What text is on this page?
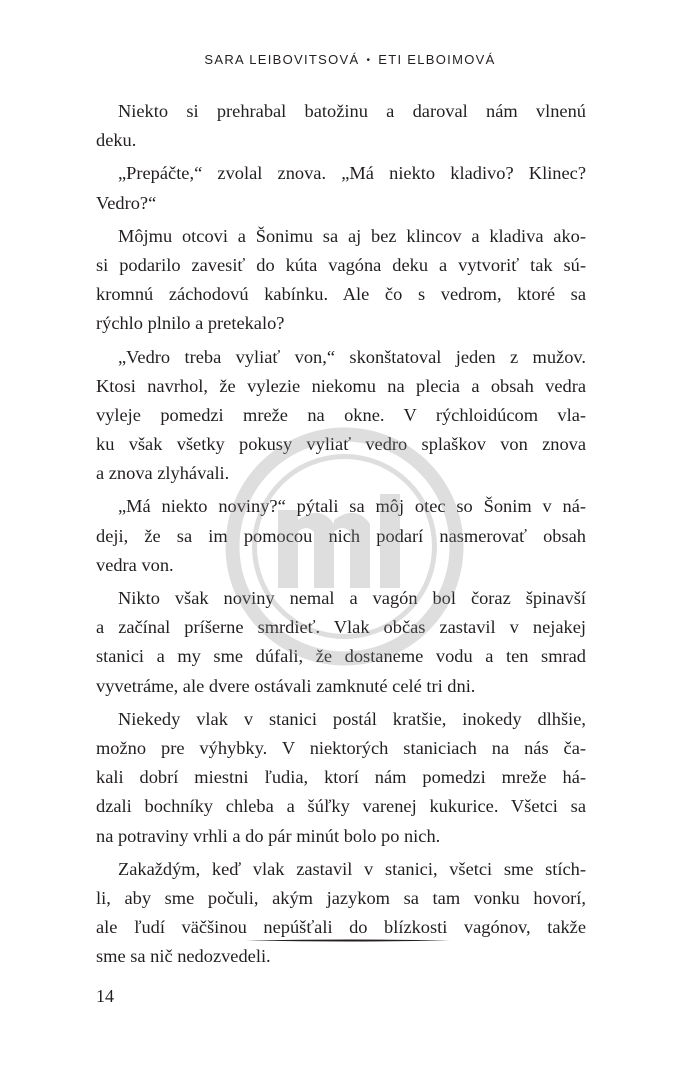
SARA LEIBOVITSOVÁ • ETI ELBOIMOVÁ
Niekto si prehrabal batožinu a daroval nám vlnenú
deku.
„Prepáčte,“ zvolal znova. „Má niekto kladivo? Klinec?
Vedro?“
Môjmu otcovi a Šonimu sa aj bez klincov a kladiva ako-
si podarilo zavesiť do kúta vagóna deku a vytvoriť tak sú-
kromnú záchodovú kabínku. Ale čo s vedrom, ktoré sa
rýchlo plnilo a pretekalo?
„Vedro treba vyliať von,“ skonštatoval jeden z mužov.
Ktosi navrhol, že vylezie niekomu na plecia a obsah vedra
vyleje pomedzi mreže na okne. V rýchloidúcom vla-
ku však všetky pokusy vyliať vedro splaškov von znova
a znova zlyhávali.
„Má niekto noviny?“ pýtali sa môj otec so Šonim v ná-
deji, že sa im pomocou nich podarí nasmerovať obsah
vedra von.
Nikto však noviny nemal a vagón bol čoraz špinavší
a začínal príšerne smrdieť. Vlak občas zastavil v nejakej
stanici a my sme dúfali, že dostaneme vodu a ten smrad
vyvetráme, ale dvere ostávali zamknuté celé tri dni.
Niekedy vlak v stanici postál kratšie, inokedy dlhšie,
možno pre výhybky. V niektorých staniciach na nás ča-
kali dobrí miestni ľudia, ktorí nám pomedzi mreže há-
dzali bochníky chleba a šúľky varenej kukurice. Všetci sa
na potraviny vrhli a do pár minút bolo po nich.
Zakaždým, keď vlak zastavil v stanici, všetci sme stích-
li, aby sme počuli, akým jazykom sa tam vonku hovorí,
ale ľudí väčšinou nepúšťali do blízkosti vagónov, takže
sme sa nič nedozvedeli.
14
